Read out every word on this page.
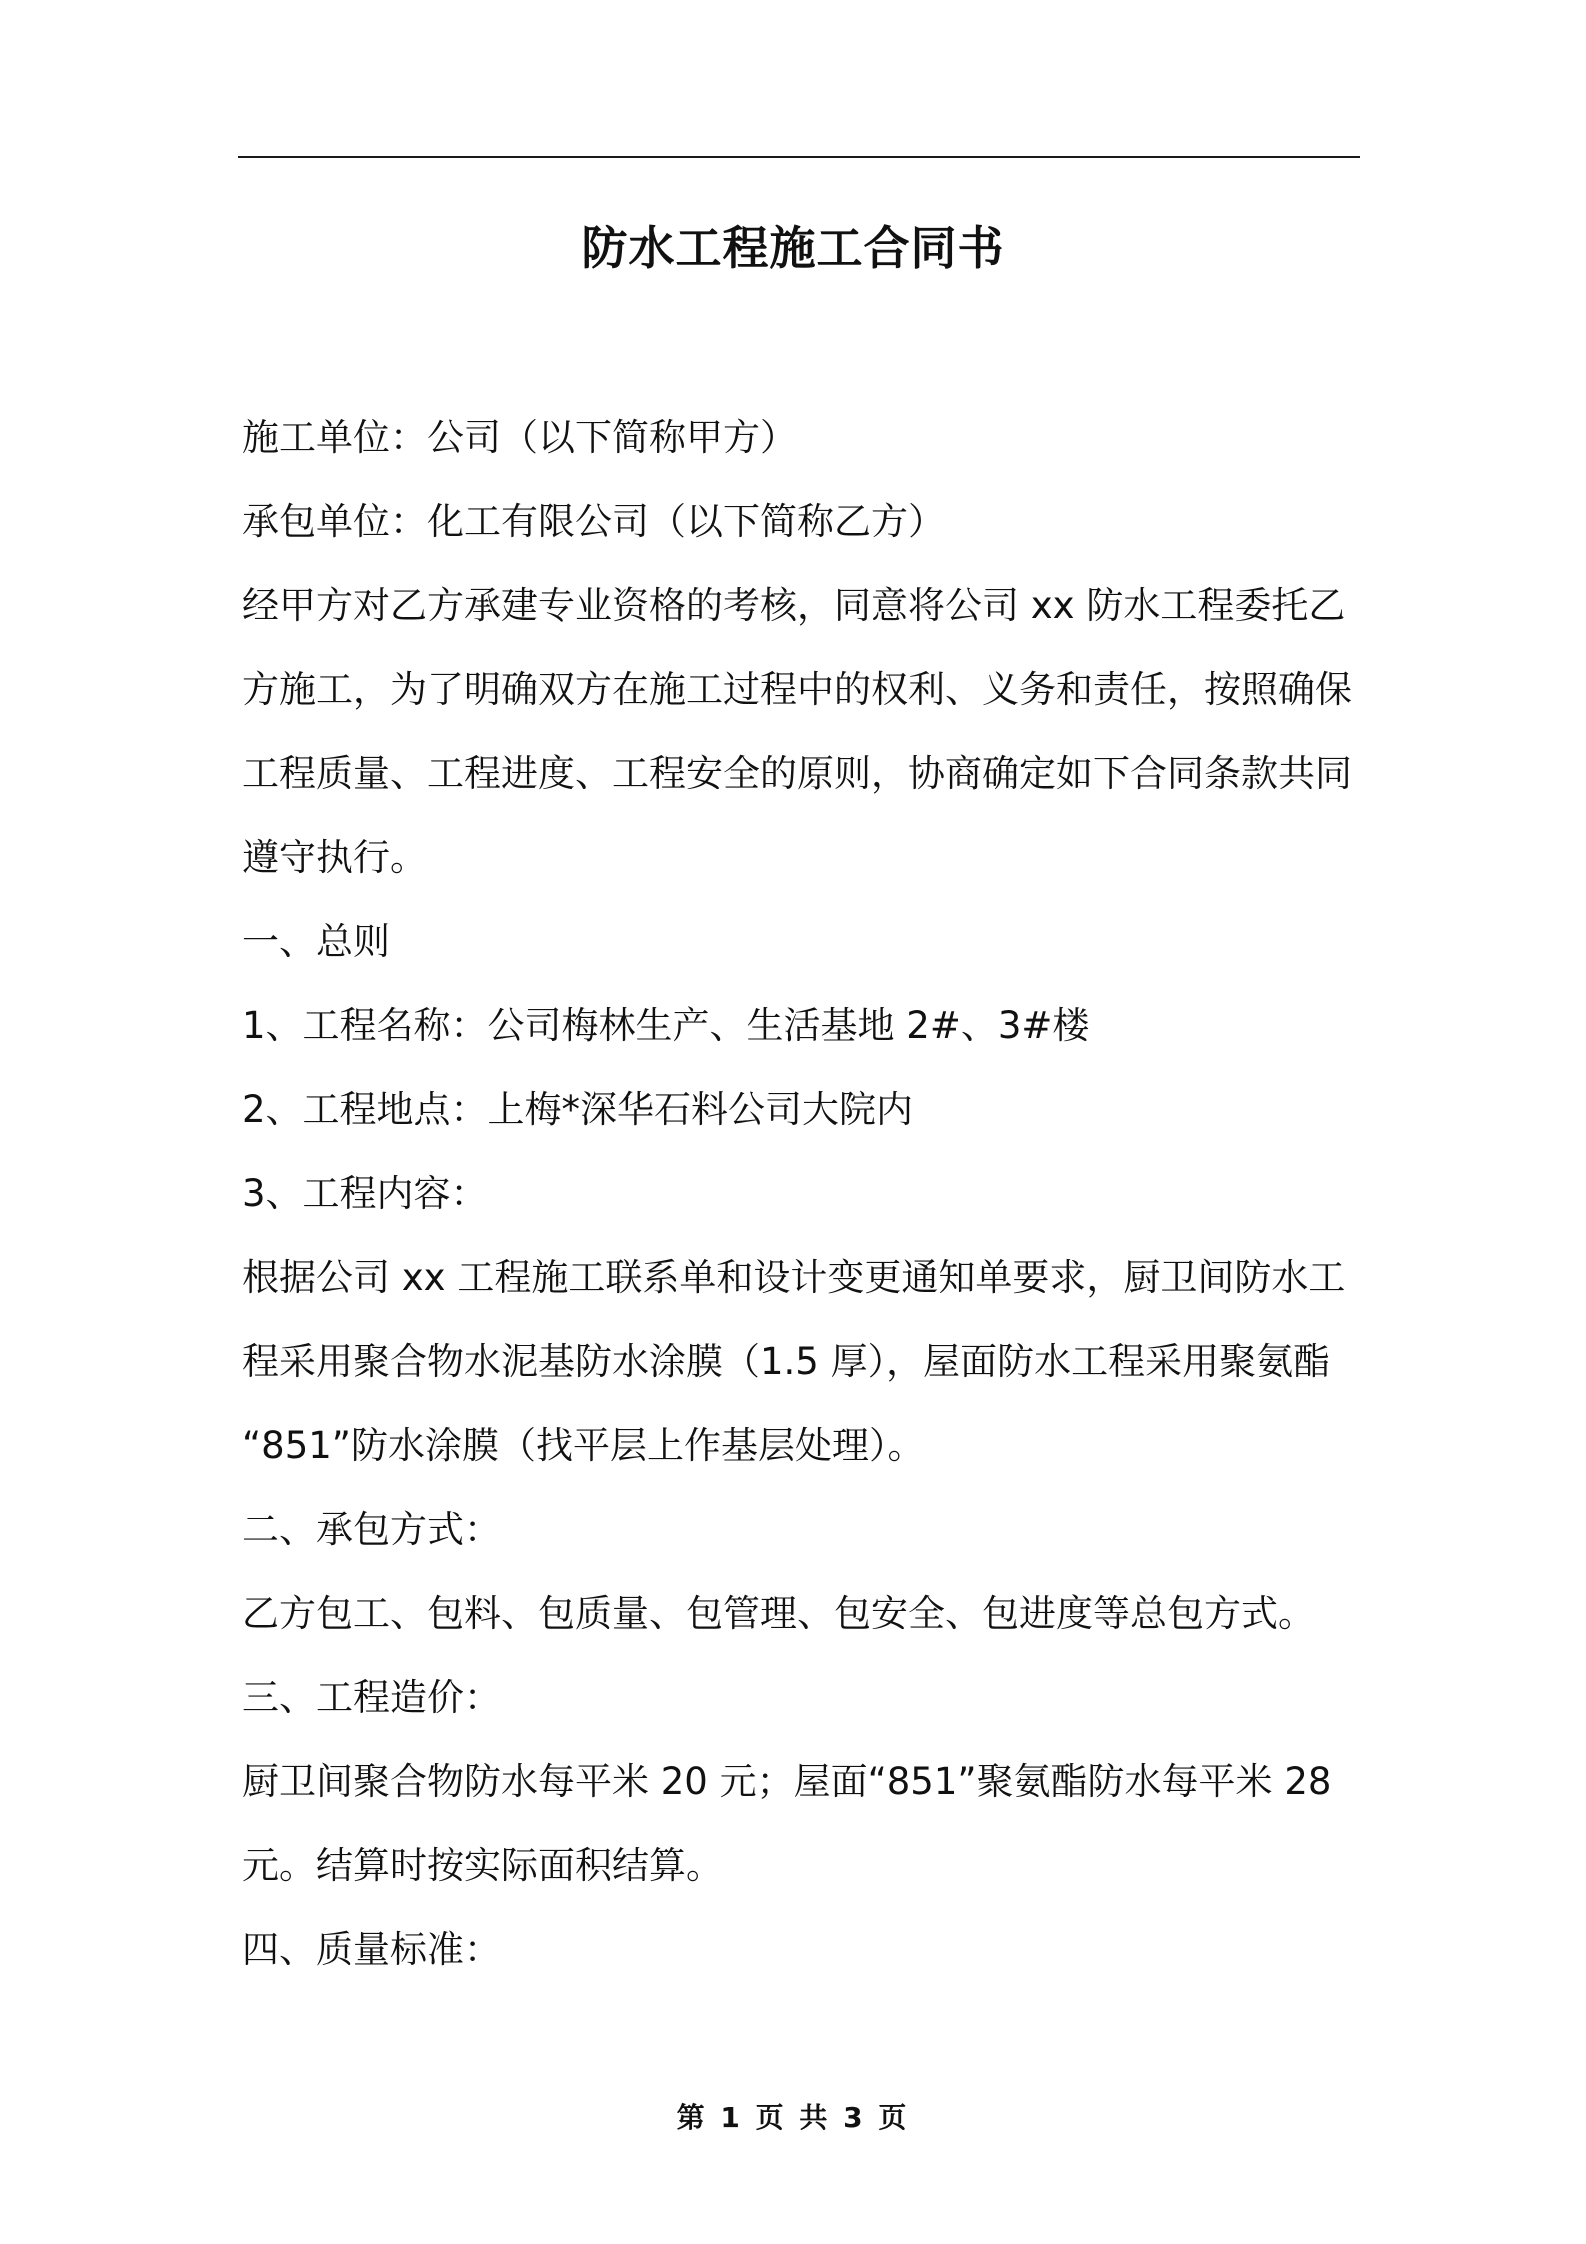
防水工程施工合同书
施工单位：公司（以下简称甲方）
承包单位：化工有限公司（以下简称乙方）
经甲方对乙方承建专业资格的考核，同意将公司 xx 防水工程委托乙
方施工，为了明确双方在施工过程中的权利、义务和责任，按照确保
工程质量、工程进度、工程安全的原则，协商确定如下合同条款共同
遵守执行。
一、总则
1、工程名称：公司梅林生产、生活基地 2#、3#楼
2、工程地点：上梅*深华石料公司大院内
3、工程内容：
根据公司 xx 工程施工联系单和设计变更通知单要求，厨卫间防水工
程采用聚合物水泥基防水涂膜（1.5 厚），屋面防水工程采用聚氨酯
“851”防水涂膜（找平层上作基层处理）。
二、承包方式：
乙方包工、包料、包质量、包管理、包安全、包进度等总包方式。
三、工程造价：
厨卫间聚合物防水每平米 20 元；屋面“851”聚氨酯防水每平米 28
元。结算时按实际面积结算。
四、质量标准：
第 1 页 共 3 页
